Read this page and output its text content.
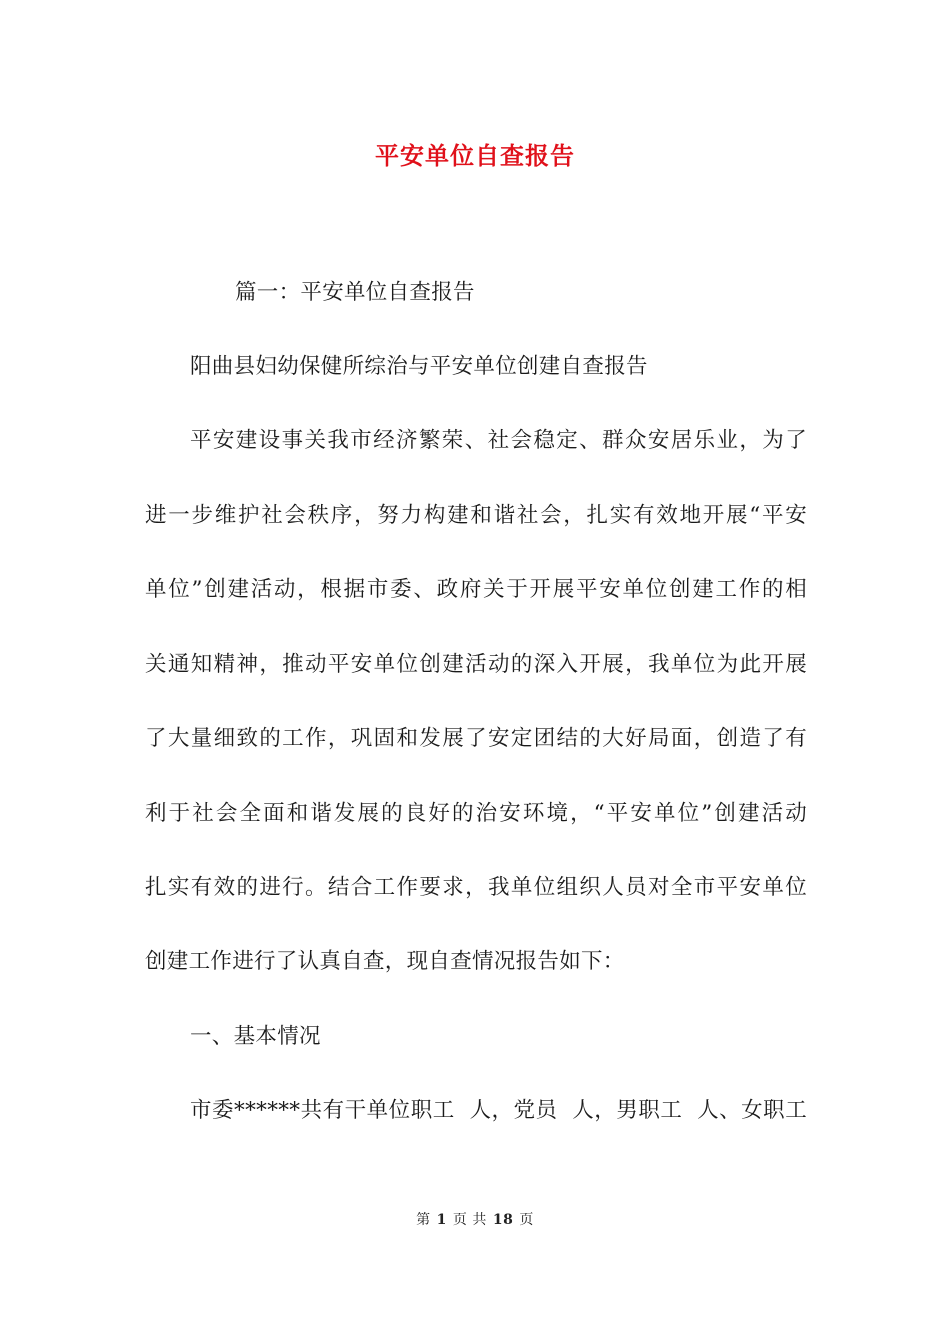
平安单位自查报告
篇一：平安单位自查报告
阳曲县妇幼保健所综治与平安单位创建自查报告
平安建设事关我市经济繁荣、社会稳定、群众安居乐业，为了
进一步维护社会秩序，努力构建和谐社会，扎实有效地开展“平安
单位”创建活动，根据市委、政府关于开展平安单位创建工作的相
关通知精神，推动平安单位创建活动的深入开展，我单位为此开展
了大量细致的工作，巩固和发展了安定团结的大好局面，创造了有
利于社会全面和谐发展的良好的治安环境，“平安单位”创建活动
扎实有效的进行。结合工作要求，我单位组织人员对全市平安单位
创建工作进行了认真自查，现自查情况报告如下：
一、基本情况
市委******共有干单位职工  人，党员  人，男职工  人、女职工
第 1 页 共 18 页
